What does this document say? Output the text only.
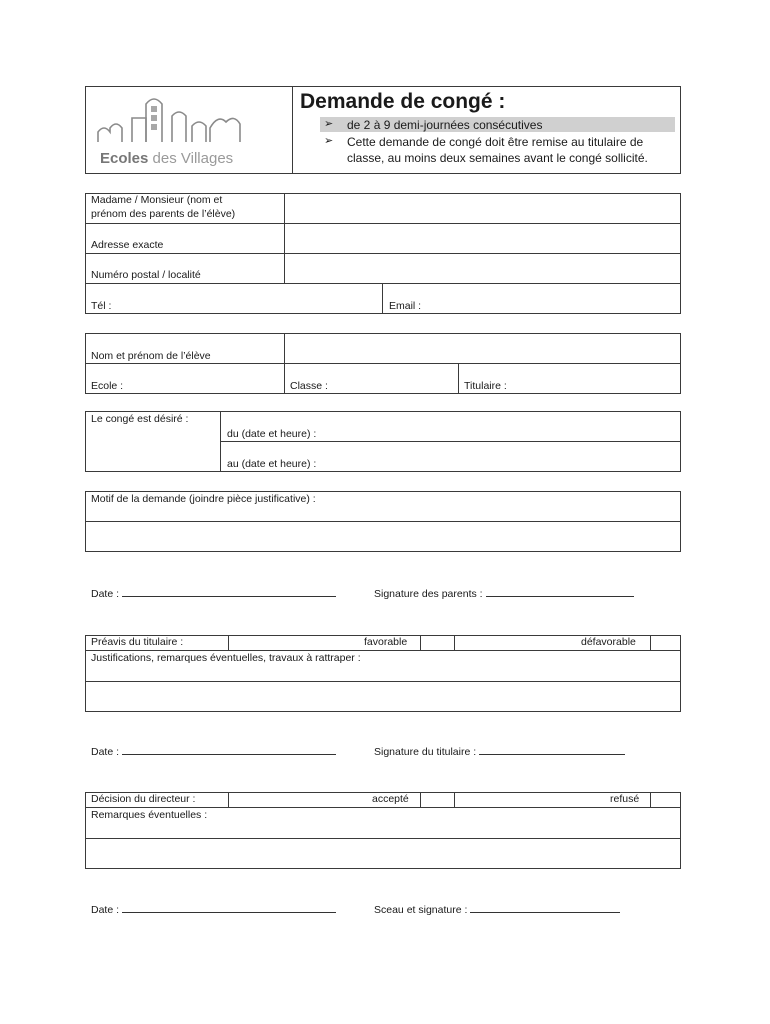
Ecoles des Villages
Demande de congé :
➢ de 2 à 9 demi-journées consécutives
➢ Cette demande de congé doit être remise au titulaire de
classe, au moins deux semaines avant le congé sollicité.
Madame / Monsieur (nom et
prénom des parents de l’élève)
Adresse exacte
Numéro postal / localité
Tél :	Email :
Nom et prénom de l’élève
Ecole :	Classe :	Titulaire :
Le congé est désiré :
du (date et heure) :
au (date et heure) :
Motif de la demande (joindre pièce justificative) :
Date :	Signature des parents :
Préavis du titulaire :	favorable	défavorable
Justifications, remarques éventuelles, travaux à rattraper :
Date :	Signature du titulaire :
Décision du directeur :	accepté	refusé
Remarques éventuelles :
Date :	Sceau et signature :
